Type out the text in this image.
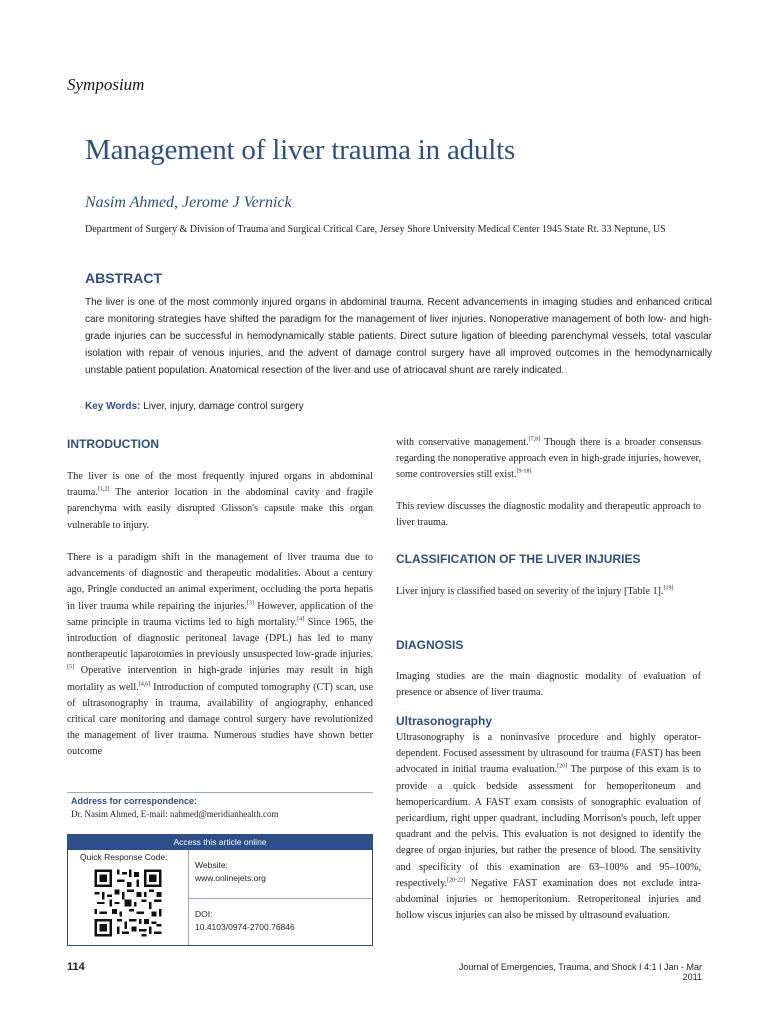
Symposium
Management of liver trauma in adults
Nasim Ahmed, Jerome J Vernick
Department of Surgery & Division of Trauma and Surgical Critical Care, Jersey Shore University Medical Center 1945 State Rt. 33 Neptune, US
ABSTRACT
The liver is one of the most commonly injured organs in abdominal trauma. Recent advancements in imaging studies and enhanced critical care monitoring strategies have shifted the paradigm for the management of liver injuries. Nonoperative management of both low- and high-grade injuries can be successful in hemodynamically stable patients. Direct suture ligation of bleeding parenchymal vessels, total vascular isolation with repair of venous injuries, and the advent of damage control surgery have all improved outcomes in the hemodynamically unstable patient population. Anatomical resection of the liver and use of atriocaval shunt are rarely indicated.
Key Words: Liver, injury, damage control surgery
INTRODUCTION
The liver is one of the most frequently injured organs in abdominal trauma.[1,2] The anterior location in the abdominal cavity and fragile parenchyma with easily disrupted Glisson's capsule make this organ vulnerable to injury.
There is a paradigm shift in the management of liver trauma due to advancements of diagnostic and therapeutic modalities. About a century ago, Pringle conducted an animal experiment, occluding the porta hepatis in liver trauma while repairing the injuries.[3] However, application of the same principle in trauma victims led to high mortality.[4] Since 1965, the introduction of diagnostic peritoneal lavage (DPL) has led to many nontherapeutic laparotomies in previously unsuspected low-grade injuries.[5] Operative intervention in high-grade injuries may result in high mortality as well.[4,6] Introduction of computed tomography (CT) scan, use of ultrasonography in trauma, availability of angiography, enhanced critical care monitoring and damage control surgery have revolutionized the management of liver trauma. Numerous studies have shown better outcome
Address for correspondence:
Dr. Nasim Ahmed, E-mail: nahmed@meridianhealth.com
Access this article online
Quick Response Code:
Website:
www.onlinejets.org
DOI:
10.4103/0974-2700.76846
with conservative management.[7,8] Though there is a broader consensus regarding the nonoperative approach even in high-grade injuries, however, some controversies still exist.[9-18]
This review discusses the diagnostic modality and therapeutic approach to liver trauma.
CLASSIFICATION OF THE LIVER INJURIES
Liver injury is classified based on severity of the injury [Table 1].[19]
DIAGNOSIS
Imaging studies are the main diagnostic modality of evaluation of presence or absence of liver trauma.
Ultrasonography
Ultrasonography is a noninvasive procedure and highly operator-dependent. Focused assessment by ultrasound for trauma (FAST) has been advocated in initial trauma evaluation.[20] The purpose of this exam is to provide a quick bedside assessment for hemoperitoneum and hemopericardium. A FAST exam consists of sonographic evaluation of pericardium, right upper quadrant, including Morrison's pouch, left upper quadrant and the pelvis. This evaluation is not designed to identify the degree of organ injuries, but rather the presence of blood. The sensitivity and specificity of this examination are 63–100% and 95–100%, respectively.[20-22] Negative FAST examination does not exclude intra-abdominal injuries or hemoperitonium. Retroperitoneal injuries and hollow viscus injuries can also be missed by ultrasound evaluation.
114	Journal of Emergencies, Trauma, and Shock I 4:1 I Jan - Mar 2011
